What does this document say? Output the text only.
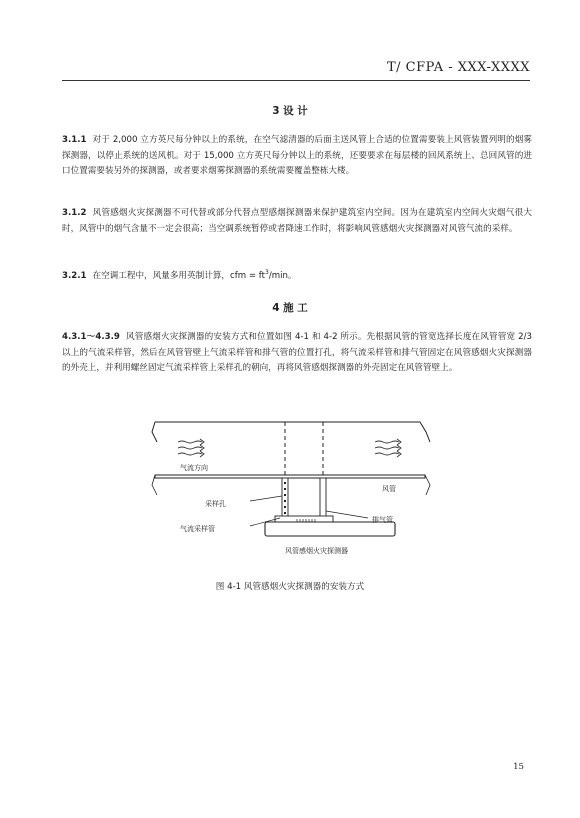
T/ CFPA - XXX-XXXX
3 设 计
3.1.1 对于 2,000 立方英尺每分钟以上的系统，在空气滤清器的后面主送风管上合适的位置需要装上风管装置列明的烟雾探测器，以停止系统的送风机。对于 15,000 立方英尺每分钟以上的系统，还要要求在每层楼的回风系统上、总回风管的进口位置需要装另外的探测器，或者要求烟雾探测器的系统需要覆盖整栋大楼。
3.1.2 风管感烟火灾探测器不可代替或部分代替点型感烟探测器来保护建筑室内空间。因为在建筑室内空间火灾烟气很大时，风管中的烟气含量不一定会很高；当空调系统暂停或者降速工作时，将影响风管感烟火灾探测器对风管气流的采样。
3.2.1 在空调工程中，风量多用英制计算，cfm = $ft^3/\min$。
4 施 工
4.3.1～4.3.9 风管感烟火灾探测器的安装方式和位置如图 4-1 和 4-2 所示。先根据风管的管宽选择长度在风管管宽 2/3 以上的气流采样管，然后在风管管壁上气流采样管和排气管的位置打孔，将气流采样管和排气管固定在风管感烟火灾探测器的外壳上，并利用螺丝固定气流采样管上采样孔的朝向，再将风管感烟探测器的外壳固定在风管管壁上。
气流方向
风管
采样孔
气流采样管
排气管
风管感烟火灾探测器
图 4-1 风管感烟火灾探测器的安装方式
15
